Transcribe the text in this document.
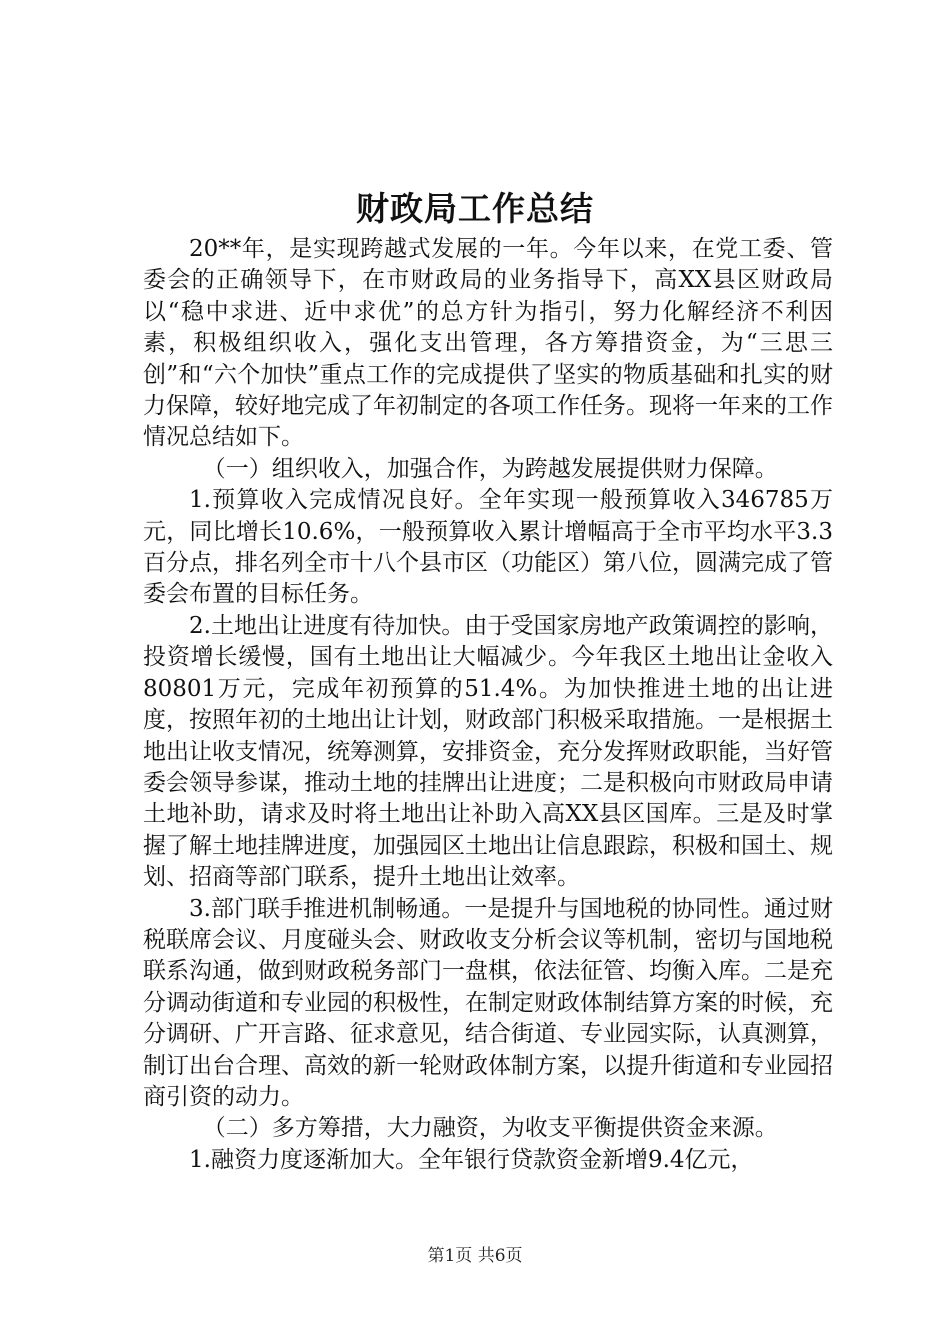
财政局工作总结

20**年，是实现跨越式发展的一年。今年以来，在党工委、管委会的正确领导下，在市财政局的业务指导下，高XX县区财政局以“稳中求进、近中求优”的总方针为指引，努力化解经济不利因素，积极组织收入，强化支出管理，各方筹措资金，为“三思三创”和“六个加快”重点工作的完成提供了坚实的物质基础和扎实的财力保障，较好地完成了年初制定的各项工作任务。现将一年来的工作情况总结如下。

（一）组织收入，加强合作，为跨越发展提供财力保障。

1.预算收入完成情况良好。全年实现一般预算收入346785万元，同比增长10.6%，一般预算收入累计增幅高于全市平均水平3.3百分点，排名列全市十八个县市区（功能区）第八位，圆满完成了管委会布置的目标任务。

2.土地出让进度有待加快。由于受国家房地产政策调控的影响，投资增长缓慢，国有土地出让大幅减少。今年我区土地出让金收入80801万元，完成年初预算的51.4%。为加快推进土地的出让进度，按照年初的土地出让计划，财政部门积极采取措施。一是根据土地出让收支情况，统筹测算，安排资金，充分发挥财政职能，当好管委会领导参谋，推动土地的挂牌出让进度；二是积极向市财政局申请土地补助，请求及时将土地出让补助入高XX县区国库。三是及时掌握了解土地挂牌进度，加强园区土地出让信息跟踪，积极和国土、规划、招商等部门联系，提升土地出让效率。

3.部门联手推进机制畅通。一是提升与国地税的协同性。通过财税联席会议、月度碰头会、财政收支分析会议等机制，密切与国地税联系沟通，做到财政税务部门一盘棋，依法征管、均衡入库。二是充分调动街道和专业园的积极性，在制定财政体制结算方案的时候，充分调研、广开言路、征求意见，结合街道、专业园实际，认真测算，制订出台合理、高效的新一轮财政体制方案，以提升街道和专业园招商引资的动力。

（二）多方筹措，大力融资，为收支平衡提供资金来源。

1.融资力度逐渐加大。全年银行贷款资金新增9.4亿元，

第1页 共6页
